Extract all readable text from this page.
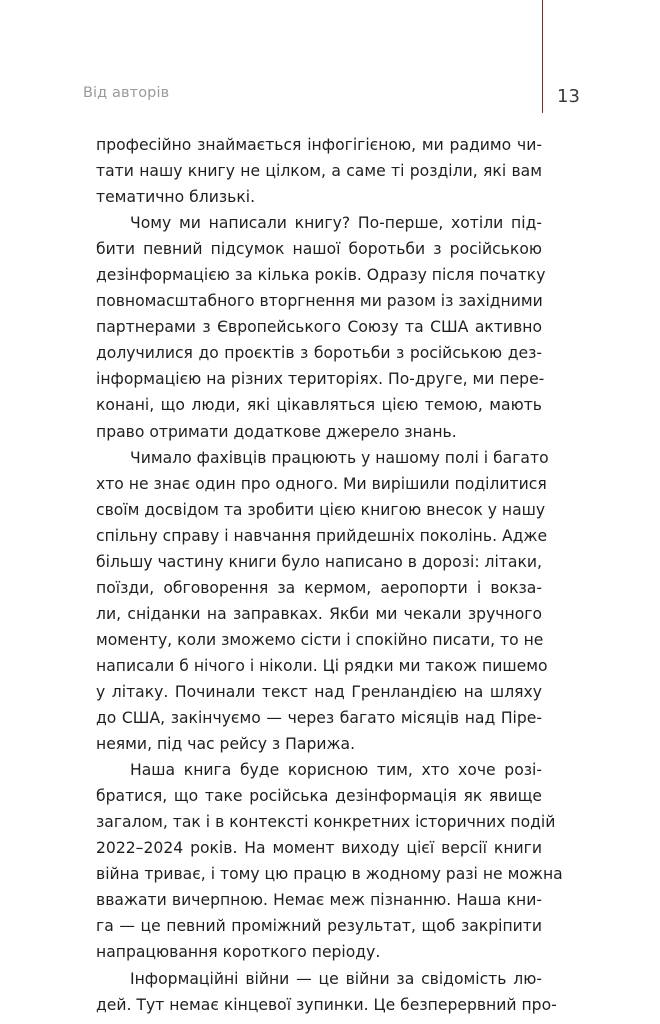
Від авторів	13
професійно знаймається інфогігієною, ми радимо чи-
тати нашу книгу не цілком, а саме ті розділи, які вам
тематично близькі.
Чому ми написали книгу? По-перше, хотіли під-
бити певний підсумок нашої боротьби з російською
дезінформацією за кілька років. Одразу після початку
повномасштабного вторгнення ми разом із західними
партнерами з Європейського Союзу та США активно
долучилися до проєктів з боротьби з російською дез-
інформацією на різних територіях. По-друге, ми пере-
конані, що люди, які цікавляться цією темою, мають
право отримати додаткове джерело знань.
Чимало фахівців працюють у нашому полі і багато
хто не знає один про одного. Ми вирішили поділитися
своїм досвідом та зробити цією книгою внесок у нашу
спільну справу і навчання прийдешніх поколінь. Адже
більшу частину книги було написано в дорозі: літаки,
поїзди, обговорення за кермом, аеропорти і вокза-
ли, сніданки на заправках. Якби ми чекали зручного
моменту, коли зможемо сісти і спокійно писати, то не
написали б нічого і ніколи. Ці рядки ми також пишемо
у літаку. Починали текст над Гренландією на шляху
до США, закінчуємо — через багато місяців над Піре-
неями, під час рейсу з Парижа.
Наша книга буде корисною тим, хто хоче розі-
братися, що таке російська дезінформація як явище
загалом, так і в контексті конкретних історичних подій
2022–2024 років. На момент виходу цієї версії книги
війна триває, і тому цю працю в жодному разі не можна
вважати вичерпною. Немає меж пізнанню. Наша кни-
га — це певний проміжний результат, щоб закріпити
напрацювання короткого періоду.
Інформаційні війни — це війни за свідомість лю-
дей. Тут немає кінцевої зупинки. Це безперервний про-
